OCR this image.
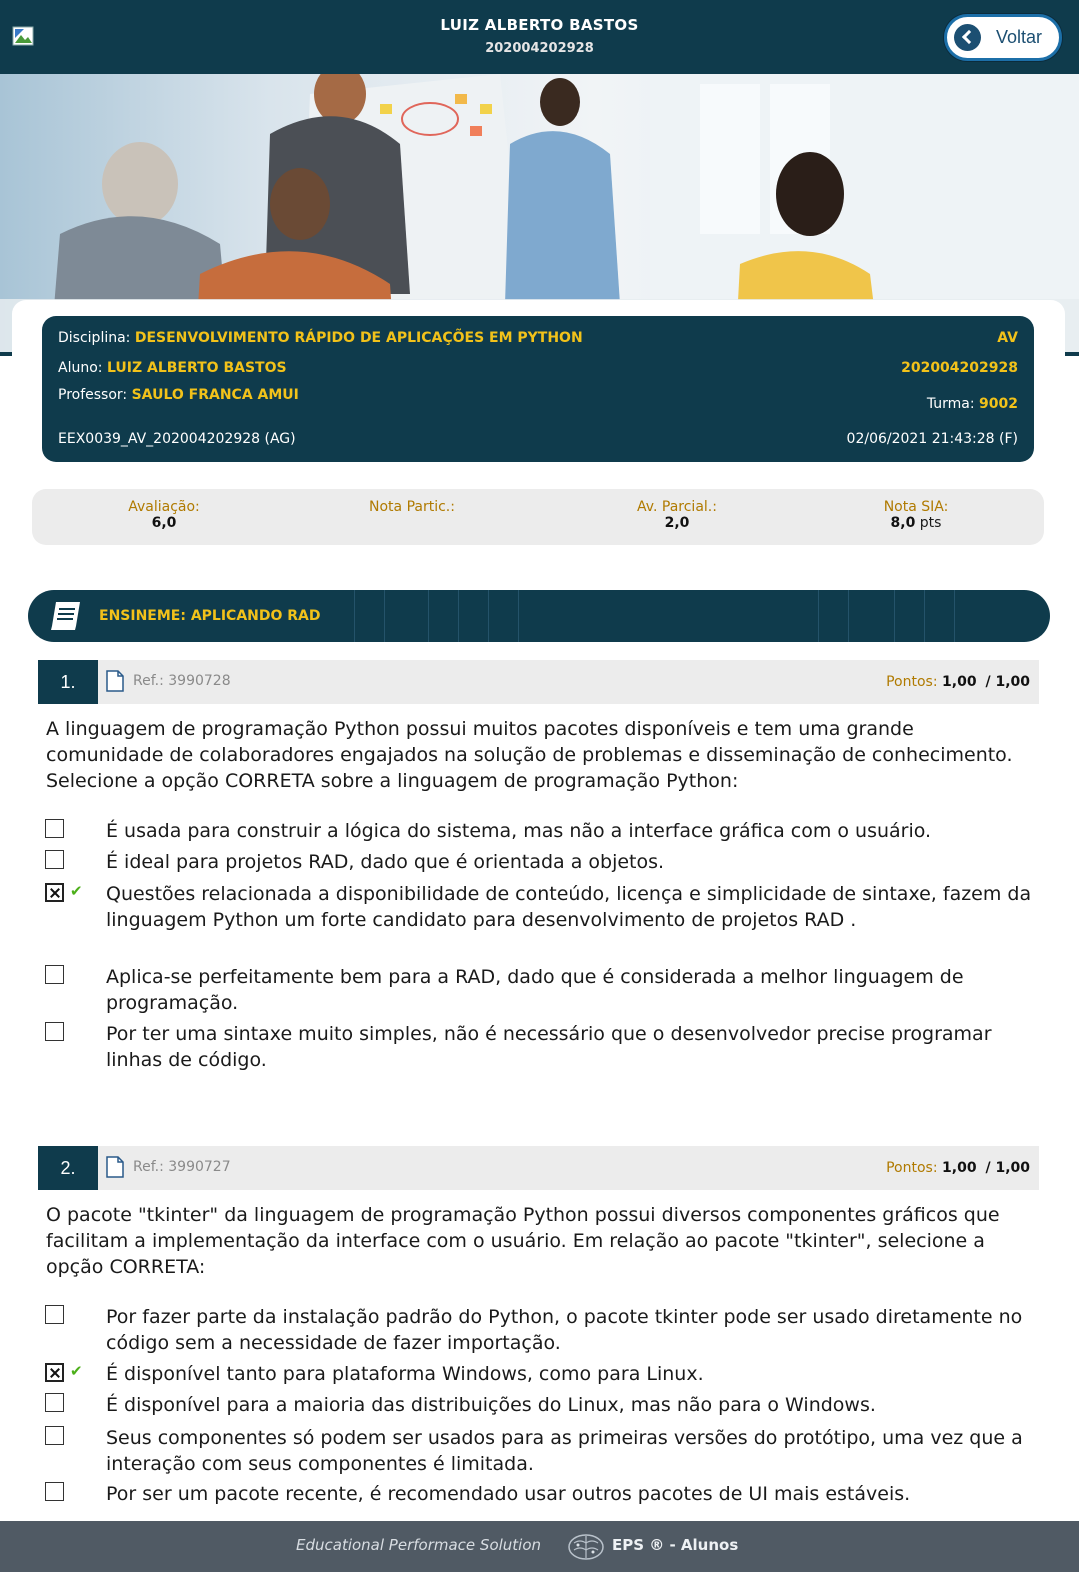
LUIZ ALBERTO BASTOS
202004202928
Voltar
Disciplina: DESENVOLVIMENTO RÁPIDO DE APLICAÇÕES EM PYTHON	AV
Aluno: LUIZ ALBERTO BASTOS	202004202928
Professor: SAULO FRANCA AMUI
Turma: 9002
EEX0039_AV_202004202928 (AG)	02/06/2021 21:43:28 (F)
Avaliação:
6,0
Nota Partic.:	Av. Parcial.:
2,0
Nota SIA:
8,0 pts
ENSINEME: APLICANDO RAD
1.	Ref.: 3990728	Pontos: 1,00 / 1,00
A linguagem de programação Python possui muitos pacotes disponíveis e tem uma grande comunidade de colaboradores engajados na solução de problemas e disseminação de conhecimento. Selecione a opção CORRETA sobre a linguagem de programação Python:
É usada para construir a lógica do sistema, mas não a interface gráfica com o usuário.
É ideal para projetos RAD, dado que é orientada a objetos.
✔ Questões relacionada a disponibilidade de conteúdo, licença e simplicidade de sintaxe, fazem da linguagem Python um forte candidato para desenvolvimento de projetos RAD .
Aplica-se perfeitamente bem para a RAD, dado que é considerada a melhor linguagem de programação.
Por ter uma sintaxe muito simples, não é necessário que o desenvolvedor precise programar linhas de código.
2.	Ref.: 3990727	Pontos: 1,00 / 1,00
O pacote "tkinter" da linguagem de programação Python possui diversos componentes gráficos que facilitam a implementação da interface com o usuário. Em relação ao pacote "tkinter", selecione a opção CORRETA:
Por fazer parte da instalação padrão do Python, o pacote tkinter pode ser usado diretamente no código sem a necessidade de fazer importação.
✔ É disponível tanto para plataforma Windows, como para Linux.
É disponível para a maioria das distribuições do Linux, mas não para o Windows.
Seus componentes só podem ser usados para as primeiras versões do protótipo, uma vez que a interação com seus componentes é limitada.
Por ser um pacote recente, é recomendado usar outros pacotes de UI mais estáveis.
Educational Performace Solution	EPS ® - Alunos
